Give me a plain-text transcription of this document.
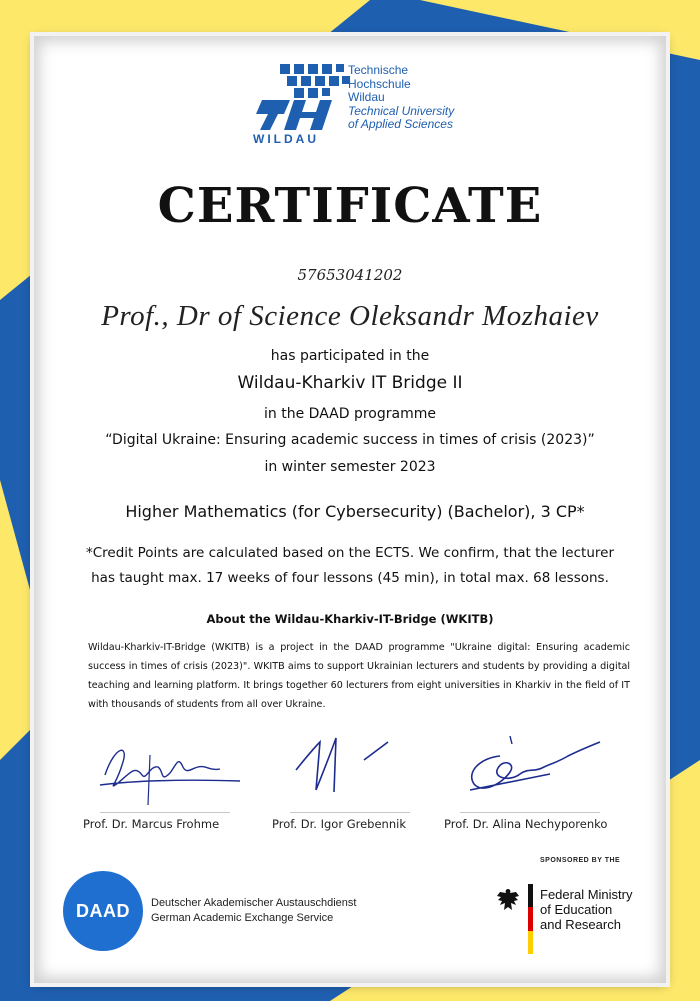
WILDAU
Technische
Hochschule
Wildau
Technical University
of Applied Sciences
CERTIFICATE
57653041202
Prof., Dr of Science Oleksandr Mozhaiev
has participated in the
Wildau-Kharkiv IT Bridge II
in the DAAD programme
“Digital Ukraine: Ensuring academic success in times of crisis (2023)”
in winter semester 2023
Higher Mathematics (for Cybersecurity) (Bachelor), 3 CP*
*Credit Points are calculated based on the ECTS. We confirm, that the lecturer
has taught max. 17 weeks of four lessons (45 min), in total max. 68 lessons.
About the Wildau-Kharkiv-IT-Bridge (WKITB)
Wildau-Kharkiv-IT-Bridge (WKITB) is a project in the DAAD programme "Ukraine digital: Ensuring academic success in times of crisis (2023)". WKITB aims to support Ukrainian lecturers and students by providing a digital teaching and learning platform. It brings together 60 lecturers from eight universities in Kharkiv in the field of IT with thousands of students from all over Ukraine.
Prof. Dr. Marcus Frohme	Prof. Dr. Igor Grebennik	Prof. Dr. Alina Nechyporenko
DAAD	Deutscher Akademischer Austauschdienst
German Academic Exchange Service
SPONSORED BY THE
Federal Ministry
of Education
and Research
